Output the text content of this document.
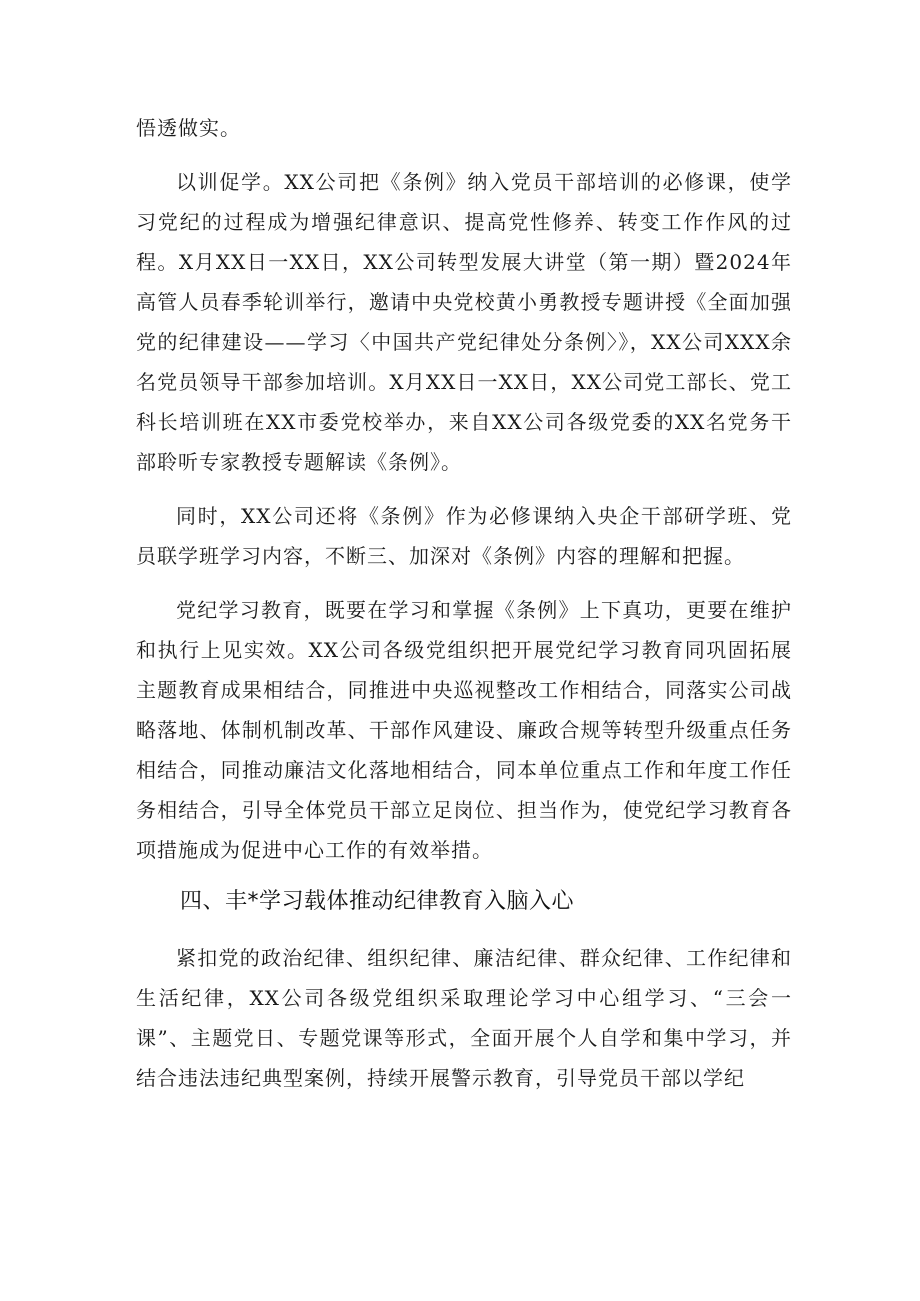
悟透做实。

以训促学。XX公司把《条例》纳入党员干部培训的必修课，使学习党纪的过程成为增强纪律意识、提高党性修养、转变工作作风的过程。X月XX日一XX日，XX公司转型发展大讲堂（第一期）暨2024年高管人员春季轮训举行，邀请中央党校黄小勇教授专题讲授《全面加强党的纪律建设——学习〈中国共产党纪律处分条例〉》，XX公司XXX余名党员领导干部参加培训。X月XX日一XX日，XX公司党工部长、党工科长培训班在XX市委党校举办，来自XX公司各级党委的XX名党务干部聆听专家教授专题解读《条例》。

同时，XX公司还将《条例》作为必修课纳入央企干部研学班、党员联学班学习内容，不断三、加深对《条例》内容的理解和把握。

党纪学习教育，既要在学习和掌握《条例》上下真功，更要在维护和执行上见实效。XX公司各级党组织把开展党纪学习教育同巩固拓展主题教育成果相结合，同推进中央巡视整改工作相结合，同落实公司战略落地、体制机制改革、干部作风建设、廉政合规等转型升级重点任务相结合，同推动廉洁文化落地相结合，同本单位重点工作和年度工作任务相结合，引导全体党员干部立足岗位、担当作为，使党纪学习教育各项措施成为促进中心工作的有效举措。

四、丰*学习载体推动纪律教育入脑入心

紧扣党的政治纪律、组织纪律、廉洁纪律、群众纪律、工作纪律和生活纪律，XX公司各级党组织采取理论学习中心组学习、“三会一课”、主题党日、专题党课等形式，全面开展个人自学和集中学习，并结合违法违纪典型案例，持续开展警示教育，引导党员干部以学纪
